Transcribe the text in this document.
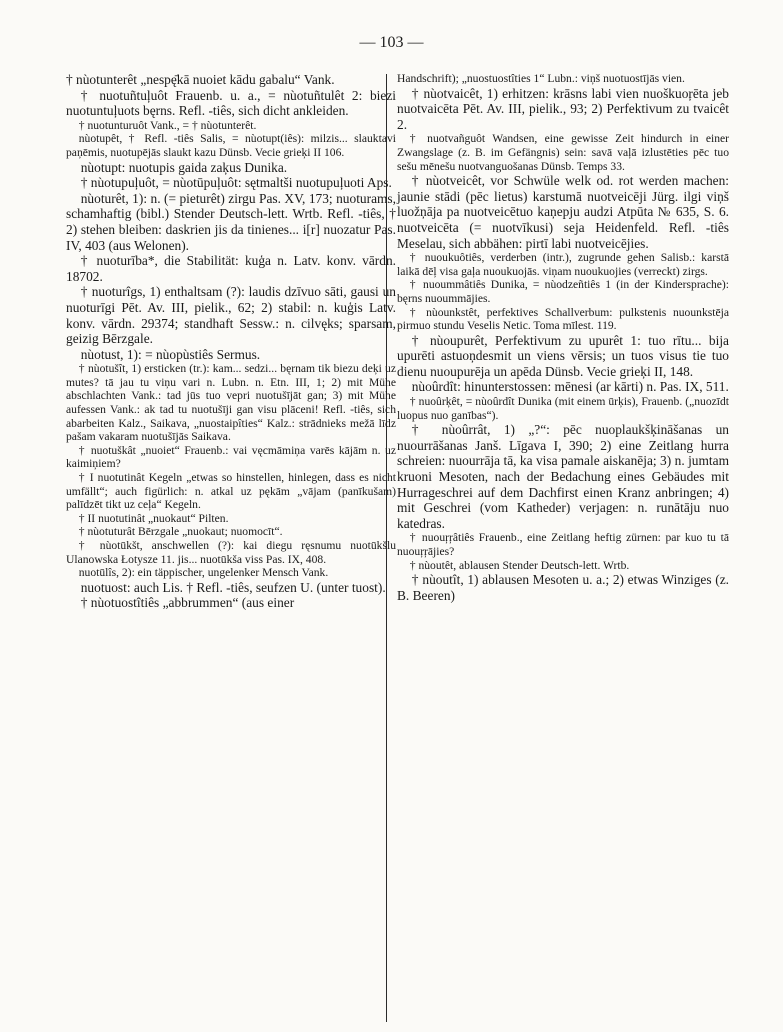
— 103 —

† nùotunterêt „nespę̄kā nuoiet kādu gabalu“ Vank.

† nuotuñtuļuôt Frauenb. u. a., = nùotuñtulêt 2: biezi nuotuntuļuots bęrns. Refl. -tiês, sich dicht ankleiden.

† nuotunturuôt Vank., = † nùotunterêt.

nùotupêt, † Refl. -tiês Salis, = nùotupt(iês): milzis... slauktavi paņēmis, nuotupējās slaukt kazu Dünsb. Vecie grieķi II 106.

nùotupt: nuotupis gaida zaķus Dunika.

† nùotupuļuôt, = nùotūpuļuôt: sętmaltši nuotupuļuoti Aps.

nùoturêt, 1): n. (= pieturêt) zirgu Pas. XV, 173; nuoturams, schamhaftig (bibl.) Stender Deutsch-lett. Wrtb. Refl. -tiês, † 2) stehen bleiben: daskrien jis da tinienes... i[r] nuozatur Pas. IV, 403 (aus Welonen).

† nuoturība*, die Stabilität: kuģa n. Latv. konv. vārdn. 18702.

† nuoturîgs, 1) enthaltsam (?): laudis dzīvuo sāti, gausi un nuoturīgi Pēt. Av. III, pielik., 62; 2) stabil: n. kuģis Latv. konv. vārdn. 29374; standhaft Sessw.: n. cilvęks; sparsam, geizig Bērzgale.

nùotust, 1): = nùopùstiês Sermus.

† nùotušît, 1) ersticken (tr.): kam... sedzi... bęrnam tik biezu deķi uz mutes? tā jau tu viņu vari n. Lubn. n. Etn. III, 1; 2) mit Mühe abschlachten Vank.: tad jūs tuo vepri nuotušījāt gan; 3) mit Mühe aufessen Vank.: ak tad tu nuotušīji gan visu plāceni! Refl. -tiês, sich abarbeiten Kalz., Saikava, „nuostaipîties“ Kalz.: strādnieks mežā līdz pašam vakaram nuotušījās Saikava.

† nuotuškât „nuoiet“ Frauenb.: vai vęcmāmiņa varēs kājām n. uz kaimiņiem?

† I nuotutinât Kegeln „etwas so hinstellen, hinlegen, dass es nicht umfällt“; auch figürlich: n. atkal uz pękām „vājam (panīkušam) palīdzēt tikt uz ceļa“ Kegeln.

† II nuotutinât „nuokaut“ Pilten.

† nùotuturât Bērzgale „nuokaut; nuomocīt“.

† nùotūkšt, anschwellen (?): kai diegu ręsnumu nuotūkšlu Ulanowska Łotysze 11. jis... nuotūkša viss Pas. IX, 408.

nuotūlîs, 2): ein täppischer, ungelenker Mensch Vank.

nuotuost: auch Lis. † Refl. -tiês, seufzen U. (unter tuost).

† nùotuostîtiês „abbrummen“ (aus einer

Handschrift); „nuostuostîties 1“ Lubn.: viņš nuotuostījās vien.

† nùotvaicêt, 1) erhitzen: krāsns labi vien nuoškuoŗēta jeb nuotvaicēta Pēt. Av. III, pielik., 93; 2) Perfektivum zu tvaicêt 2.

† nuotvañguôt Wandsen, eine gewisse Zeit hindurch in einer Zwangslage (z. B. im Gefängnis) sein: savā vaļā izlustēties pēc tuo sešu mēnešu nuotvanguošanas Dünsb. Temps 33.

† nùotveicêt, vor Schwüle welk od. rot werden machen: jaunie stādi (pēc lietus) karstumā nuotveicēji Jürg. ilgi viņš luožņāja pa nuotveicētuo kaņepju audzi Atpūta № 635, S. 6. nuotveicēta (= nuotvīkusi) seja Heidenfeld. Refl. -tiês Meselau, sich abbähen: pirtī labi nuotveicējies.

† nuoukuôtiês, verderben (intr.), zugrunde gehen Salisb.: karstā laikā dēļ visa gaļa nuoukuojās. viņam nuoukuojies (verreckt) zirgs.

† nuoummâtiês Dunika, = nùodzeñtiês 1 (in der Kindersprache): bęrns nuoummājies.

† nùounkstêt, perfektives Schallverbum: pulkstenis nuounkstēja pirmuo stundu Veselis Netic. Toma mīlest. 119.

† nùoupurêt, Perfektivum zu upurêt 1: tuo rītu... bija upurēti astuoņdesmit un viens vērsis; un tuos visus tie tuo dienu nuoupurēja un apēda Dünsb. Vecie grieķi II, 148.

nùoûrdît: hinunterstossen: mēnesi (ar kārti) n. Pas. IX, 511.

† nuoûrķêt, = nùoûrdît Dunika (mit einem ūrķis), Frauenb. („nuozīdt luopus nuo ganības“).

† nùoûrrât, 1) „?“: pēc nuoplaukšķināšanas un nuourrāšanas Janš. Līgava I, 390; 2) eine Zeitlang hurra schreien: nuourrāja tā, ka visa pamale aiskanēja; 3) n. jumtam kruoni Mesoten, nach der Bedachung eines Gebäudes mit Hurrageschrei auf dem Dachfirst einen Kranz anbringen; 4) mit Geschrei (vom Katheder) verjagen: n. runātāju nuo katedras.

† nuouŗŗâtiês Frauenb., eine Zeitlang heftig zürnen: par kuo tu tā nuouŗŗājies?

† nùoutêt, ablausen Stender Deutsch-lett. Wrtb.

† nùoutît, 1) ablausen Mesoten u. a.; 2) etwas Winziges (z. B. Beeren)
